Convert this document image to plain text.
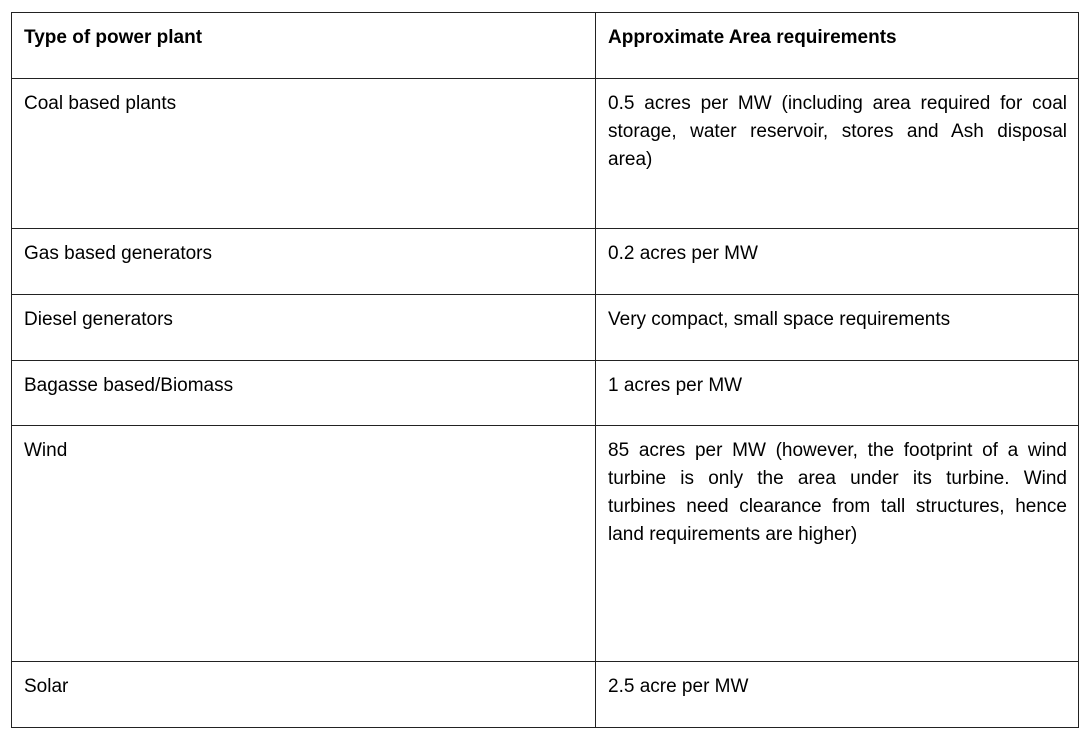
Type of power plant	Approximate Area requirements
Coal based plants	0.5 acres per MW (including area required for coal storage, water reservoir, stores and Ash disposal area)
Gas based generators	0.2 acres per MW
Diesel generators	Very compact, small space requirements
Bagasse based/Biomass	1 acres per MW
Wind	85 acres per MW (however, the footprint of a wind turbine is only the area under its turbine. Wind turbines need clearance from tall structures, hence land requirements are higher)
Solar	2.5 acre per MW
